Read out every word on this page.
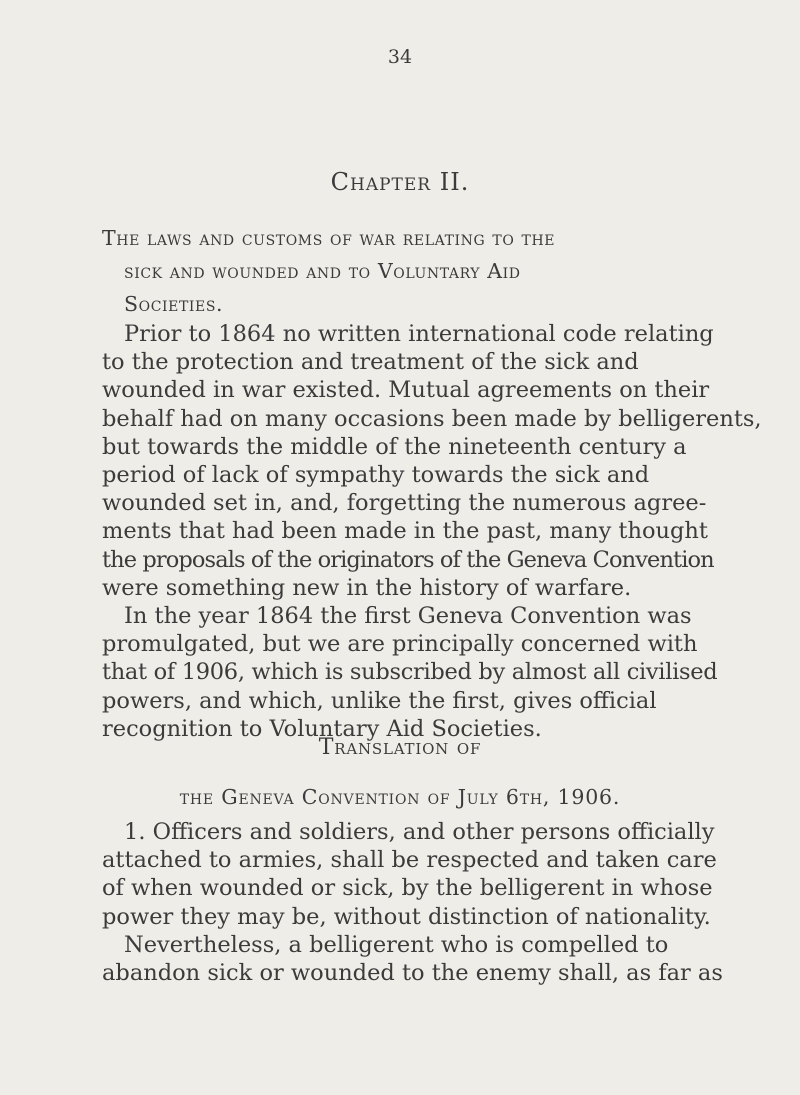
34
Chapter II.
The laws and customs of war relating to the
sick and wounded and to Voluntary Aid
Societies.
Prior to 1864 no written international code relating
to the protection and treatment of the sick and
wounded in war existed. Mutual agreements on their
behalf had on many occasions been made by belligerents,
but towards the middle of the nineteenth century a
period of lack of sympathy towards the sick and
wounded set in, and, forgetting the numerous agree-
ments that had been made in the past, many thought
the proposals of the originators of the Geneva Convention
were something new in the history of warfare.
In the year 1864 the first Geneva Convention was
promulgated, but we are principally concerned with
that of 1906, which is subscribed by almost all civilised
powers, and which, unlike the first, gives official
recognition to Voluntary Aid Societies.
Translation of
the Geneva Convention of July 6th, 1906.
1. Officers and soldiers, and other persons officially
attached to armies, shall be respected and taken care
of when wounded or sick, by the belligerent in whose
power they may be, without distinction of nationality.
Nevertheless, a belligerent who is compelled to
abandon sick or wounded to the enemy shall, as far as
